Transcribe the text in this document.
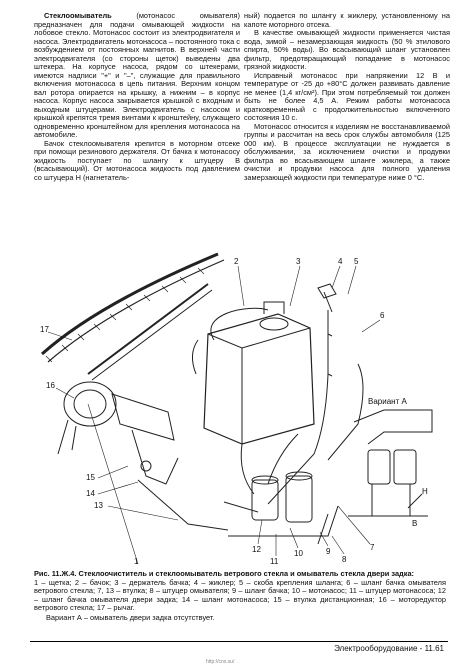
Стеклоомыватель (мотонасос омывателя) предназначен для подачи омывающей жидкости на лобовое стекло. Мотонасос состоит из электродвигателя и насоса. Электродвигатель мотонасоса – постоянного тока с возбуждением от постоянных магнитов. В верхней части электродвигателя (со стороны щеток) выведены два штекера. На корпусе насоса, рядом со штекерами, имеются надписи "+" и "–", служащие для правильного включения мотонасоса в цепь питания. Верхним концом вал ротора опирается на крышку, а нижним – в корпус насоса. Корпус насоса закрывается крышкой с входным и выходным штуцерами. Электродвигатель с насосом и крышкой крепятся тремя винтами к кронштейну, служащего одновременно кронштейном для крепления мотонасоса на автомобиле.

Бачок стеклоомывателя крепится в моторном отсеке при помощи резинового держателя. От бачка к мотонасосу жидкость поступает по шлангу к штуцеру В (всасывающий). От мотонасоса жидкость под давлением со штуцера Н (нагнетатель-

ный) подается по шлангу к жиклеру, установленному на капоте моторного отсека.

В качестве омывающей жидкости применяется чистая вода, зимой – незамерзающая жидкость (50 % этилового спирта, 50% воды). Во всасывающий шланг установлен фильтр, предотвращающий попадание в мотонасос грязной жидкости.

Исправный мотонасос при напряжении 12 В и температуре от -25 до +80°С должен развивать давление не менее (1,4 кг/см²). При этом потребляемый ток должен быть не более 4,5 А. Режим работы мотонасоса кратковременный с продолжительностью включенного состояния 10 с.

Мотонасос относится к изделиям не восстанавливаемой группы и рассчитан на весь срок службы автомобиля (125 000 км). В процессе эксплуатации не нуждается в обслуживании, за исключением очистки и продувки фильтра во всасывающем шланге жиклера, а также очистки и продувки насоса для полного удаления замерзающей жидкости при температуре ниже 0 °С.

17
2	3	4 5
6
16
15
14
13
12
11
10	9
8
7
1
Вариант А
Н
В
Рис. 11.Ж.4. Стеклоочиститель и стеклоомыватель ветрового стекла и омыватель стекла двери задка:
1 – щетка; 2 – бачок; 3 – держатель бачка; 4 – жиклер; 5 – скоба крепления шланга; 6 – шланг бачка омывателя ветрового стекла; 7, 13 – втулка; 8 – штуцер омывателя; 9 – шланг бачка; 10 – мотонасос; 11 – штуцер мотонасоса; 12 – шланг бачка омывателя двери задка; 14 – шланг мотонасоса; 15 – втулка дистанционная; 16 – моторедуктор ветрового стекла; 17 – рычаг.
Вариант А – омыватель двери задка отсутствует.
Электрооборудование - 11.61
http://cnx.su/
